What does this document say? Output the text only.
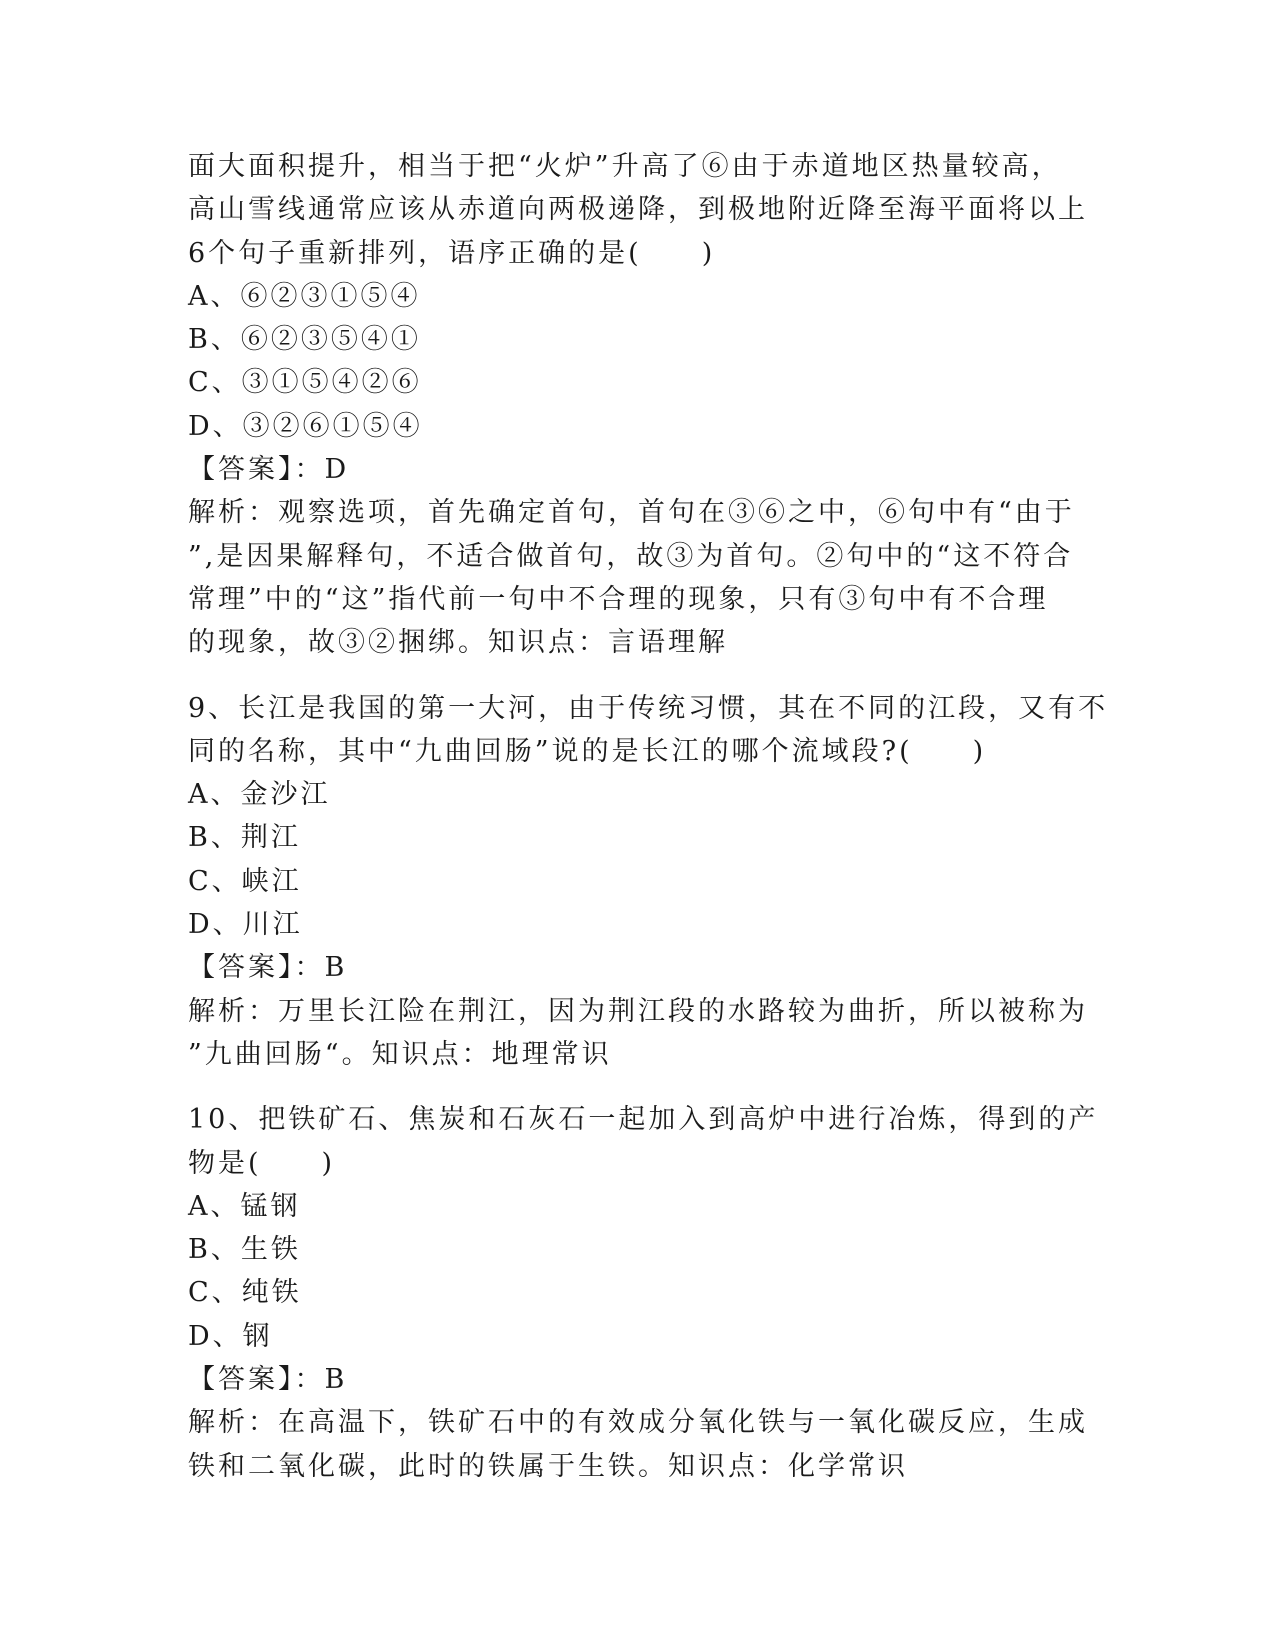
面大面积提升，相当于把“火炉”升高了⑥由于赤道地区热量较高，
高山雪线通常应该从赤道向两极递降，到极地附近降至海平面将以上
6个句子重新排列，语序正确的是(　　)
A、⑥②③①⑤④
B、⑥②③⑤④①
C、③①⑤④②⑥
D、③②⑥①⑤④
【答案】：D
解析：观察选项，首先确定首句，首句在③⑥之中，⑥句中有“由于
”,是因果解释句，不适合做首句，故③为首句。②句中的“这不符合
常理”中的“这”指代前一句中不合理的现象，只有③句中有不合理
的现象，故③②捆绑。知识点：言语理解
9、长江是我国的第一大河，由于传统习惯，其在不同的江段，又有不
同的名称，其中“九曲回肠”说的是长江的哪个流域段?(　　)
A、金沙江
B、荆江
C、峡江
D、川江
【答案】：B
解析：万里长江险在荆江，因为荆江段的水路较为曲折，所以被称为
”九曲回肠“。知识点：地理常识
10、把铁矿石、焦炭和石灰石一起加入到高炉中进行冶炼，得到的产
物是(　　)
A、锰钢
B、生铁
C、纯铁
D、钢
【答案】：B
解析：在高温下，铁矿石中的有效成分氧化铁与一氧化碳反应，生成
铁和二氧化碳，此时的铁属于生铁。知识点：化学常识
